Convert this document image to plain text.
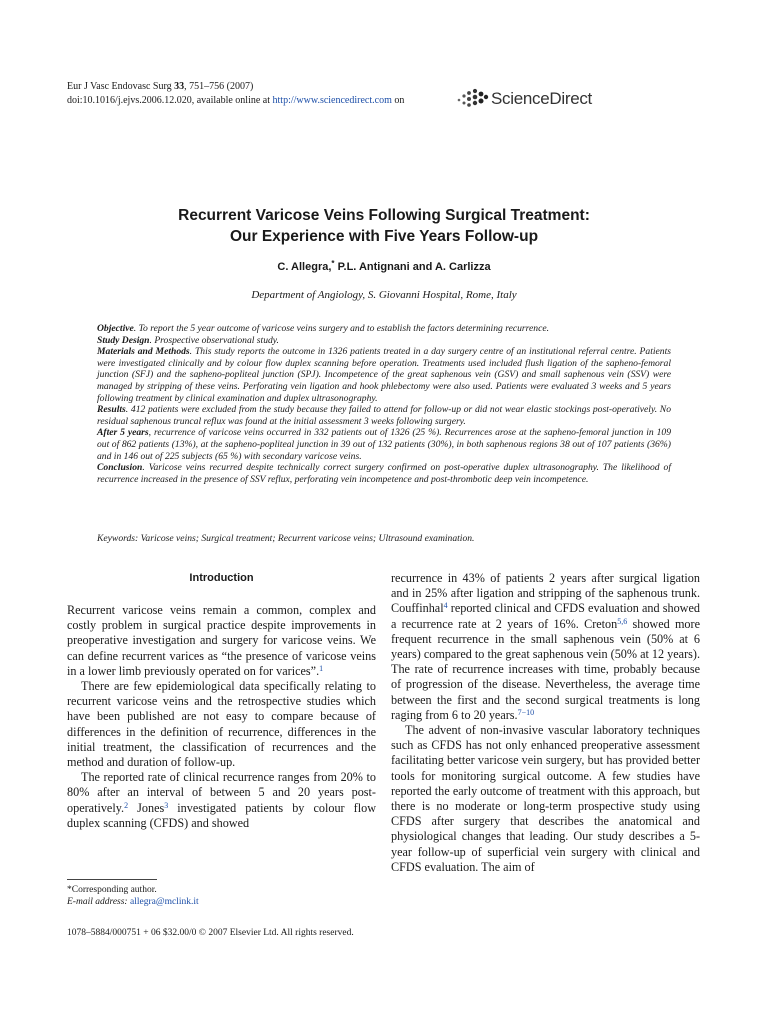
Eur J Vasc Endovasc Surg 33, 751–756 (2007)
doi:10.1016/j.ejvs.2006.12.020, available online at http://www.sciencedirect.com on	ScienceDirect
Recurrent Varicose Veins Following Surgical Treatment:
Our Experience with Five Years Follow-up
C. Allegra,* P.L. Antignani and A. Carlizza
Department of Angiology, S. Giovanni Hospital, Rome, Italy

Objective. To report the 5 year outcome of varicose veins surgery and to establish the factors determining recurrence.

Study Design. Prospective observational study.

Materials and Methods. This study reports the outcome in 1326 patients treated in a day surgery centre of an institutional referral centre. Patients were investigated clinically and by colour flow duplex scanning before operation. Treatments used included flush ligation of the sapheno-femoral junction (SFJ) and the sapheno-popliteal junction (SPJ). Incompetence of the great saphenous vein (GSV) and small saphenous vein (SSV) were managed by stripping of these veins. Perforating vein ligation and hook phlebectomy were also used. Patients were evaluated 3 weeks and 5 years following treatment by clinical examination and duplex ultrasonography.

Results. 412 patients were excluded from the study because they failed to attend for follow-up or did not wear elastic stockings post-operatively. No residual saphenous truncal reflux was found at the initial assessment 3 weeks following surgery.

After 5 years, recurrence of varicose veins occurred in 332 patients out of 1326 (25 %). Recurrences arose at the sapheno-femoral junction in 109 out of 862 patients (13%), at the sapheno-popliteal junction in 39 out of 132 patients (30%), in both saphenous regions 38 out of 107 patients (36%) and in 146 out of 225 subjects (65 %) with secondary varicose veins.

Conclusion. Varicose veins recurred despite technically correct surgery confirmed on post-operative duplex ultrasonography. The likelihood of recurrence increased in the presence of SSV reflux, perforating vein incompetence and post-thrombotic deep vein incompetence.

Keywords: Varicose veins; Surgical treatment; Recurrent varicose veins; Ultrasound examination.
Introduction

Recurrent varicose veins remain a common, complex and costly problem in surgical practice despite improvements in preoperative investigation and surgery for varicose veins. We can define recurrent varices as “the presence of varicose veins in a lower limb previously operated on for varices”.$^1$

There are few epidemiological data specifically relating to recurrent varicose veins and the retrospective studies which have been published are not easy to compare because of differences in the definition of recurrence, differences in the initial treatment, the classification of recurrences and the method and duration of follow-up.

The reported rate of clinical recurrence ranges from 20% to 80% after an interval of between 5 and 20 years post-operatively.$^2$ Jones$^3$ investigated patients by colour flow duplex scanning (CFDS) and showed

recurrence in 43% of patients 2 years after surgical ligation and in 25% after ligation and stripping of the saphenous trunk. Couffinhal$^4$ reported clinical and CFDS evaluation and showed a recurrence rate at 2 years of 16%. Creton$^{5,6}$ showed more frequent recurrence in the small saphenous vein (50% at 6 years) compared to the great saphenous vein (50% at 12 years). The rate of recurrence increases with time, probably because of progression of the disease. Nevertheless, the average time between the first and the second surgical treatments is long raging from 6 to 20 years.$^{7-10}$

The advent of non-invasive vascular laboratory techniques such as CFDS has not only enhanced preoperative assessment facilitating better varicose vein surgery, but has provided better tools for monitoring surgical outcome. A few studies have reported the early outcome of treatment with this approach, but there is no moderate or long-term prospective study using CFDS after surgery that describes the anatomical and physiological changes that leading. Our study describes a 5-year follow-up of superficial vein surgery with clinical and CFDS evaluation. The aim of

*Corresponding author.
E-mail address: allegra@mclink.it
1078–5884/000751 + 06 $32.00/0 © 2007 Elsevier Ltd. All rights reserved.
